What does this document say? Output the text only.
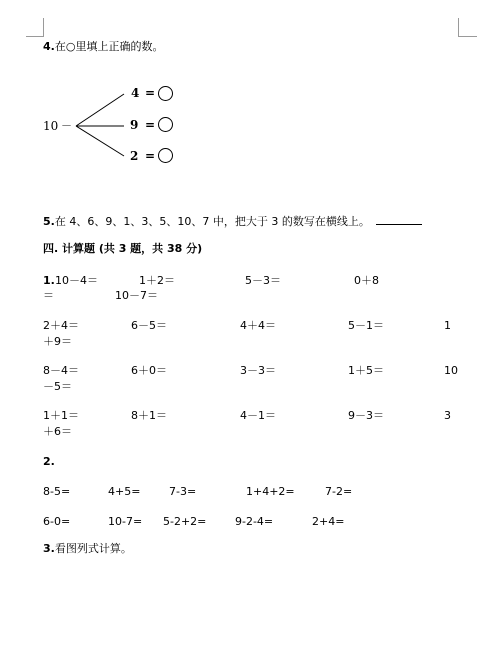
4.在○里填上正确的数。
10 －
4 =
9 =
2 =
5.在 4、6、9、1、3、5、10、7 中，把大于 3 的数写在横线上。
四. 计算题 (共 3 题，共 38 分)
1. 10－4＝	1＋2＝	5－3＝	0＋8
＝	10－7＝
2＋4＝	6－5＝	4＋4＝	5－1＝	1
＋9＝
8－4＝	6＋0＝	3－3＝	1＋5＝	10
－5＝
1＋1＝	8＋1＝	4－1＝	9－3＝	3
＋6＝
2.
8-5=	4+5=	7-3=	1+4+2=	7-2=
6-0=	10-7= 5-2+2=	9-2-4=	2+4=
3.看图列式计算。
